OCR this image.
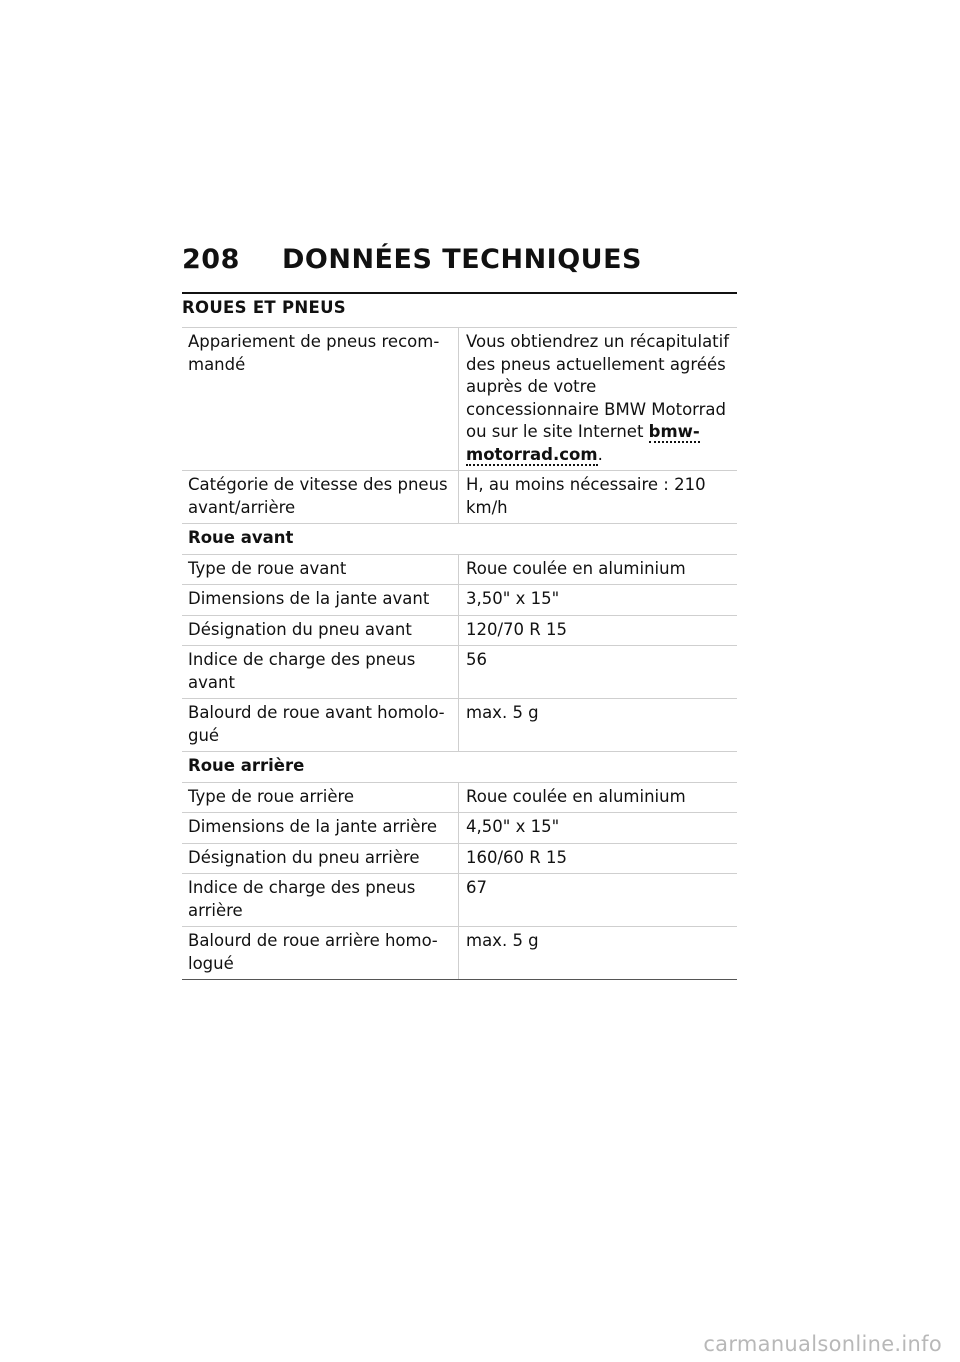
208	DONNÉES TECHNIQUES
ROUES ET PNEUS
Appariement de pneus recommandé	Vous obtiendrez un récapitulatif des pneus actuellement agréés auprès de votre concessionnaire BMW Motorrad ou sur le site Internet bmw-motorrad.com.
Catégorie de vitesse des pneus avant/arrière	H, au moins nécessaire : 210 km/h
Roue avant	
Type de roue avant	Roue coulée en aluminium
Dimensions de la jante avant	3,50" x 15"
Désignation du pneu avant	120/70 R 15
Indice de charge des pneus avant	56
Balourd de roue avant homologué	max. 5 g
Roue arrière	
Type de roue arrière	Roue coulée en aluminium
Dimensions de la jante arrière	4,50" x 15"
Désignation du pneu arrière	160/60 R 15
Indice de charge des pneus arrière	67
Balourd de roue arrière homologué	max. 5 g
carmanualsonline.info
